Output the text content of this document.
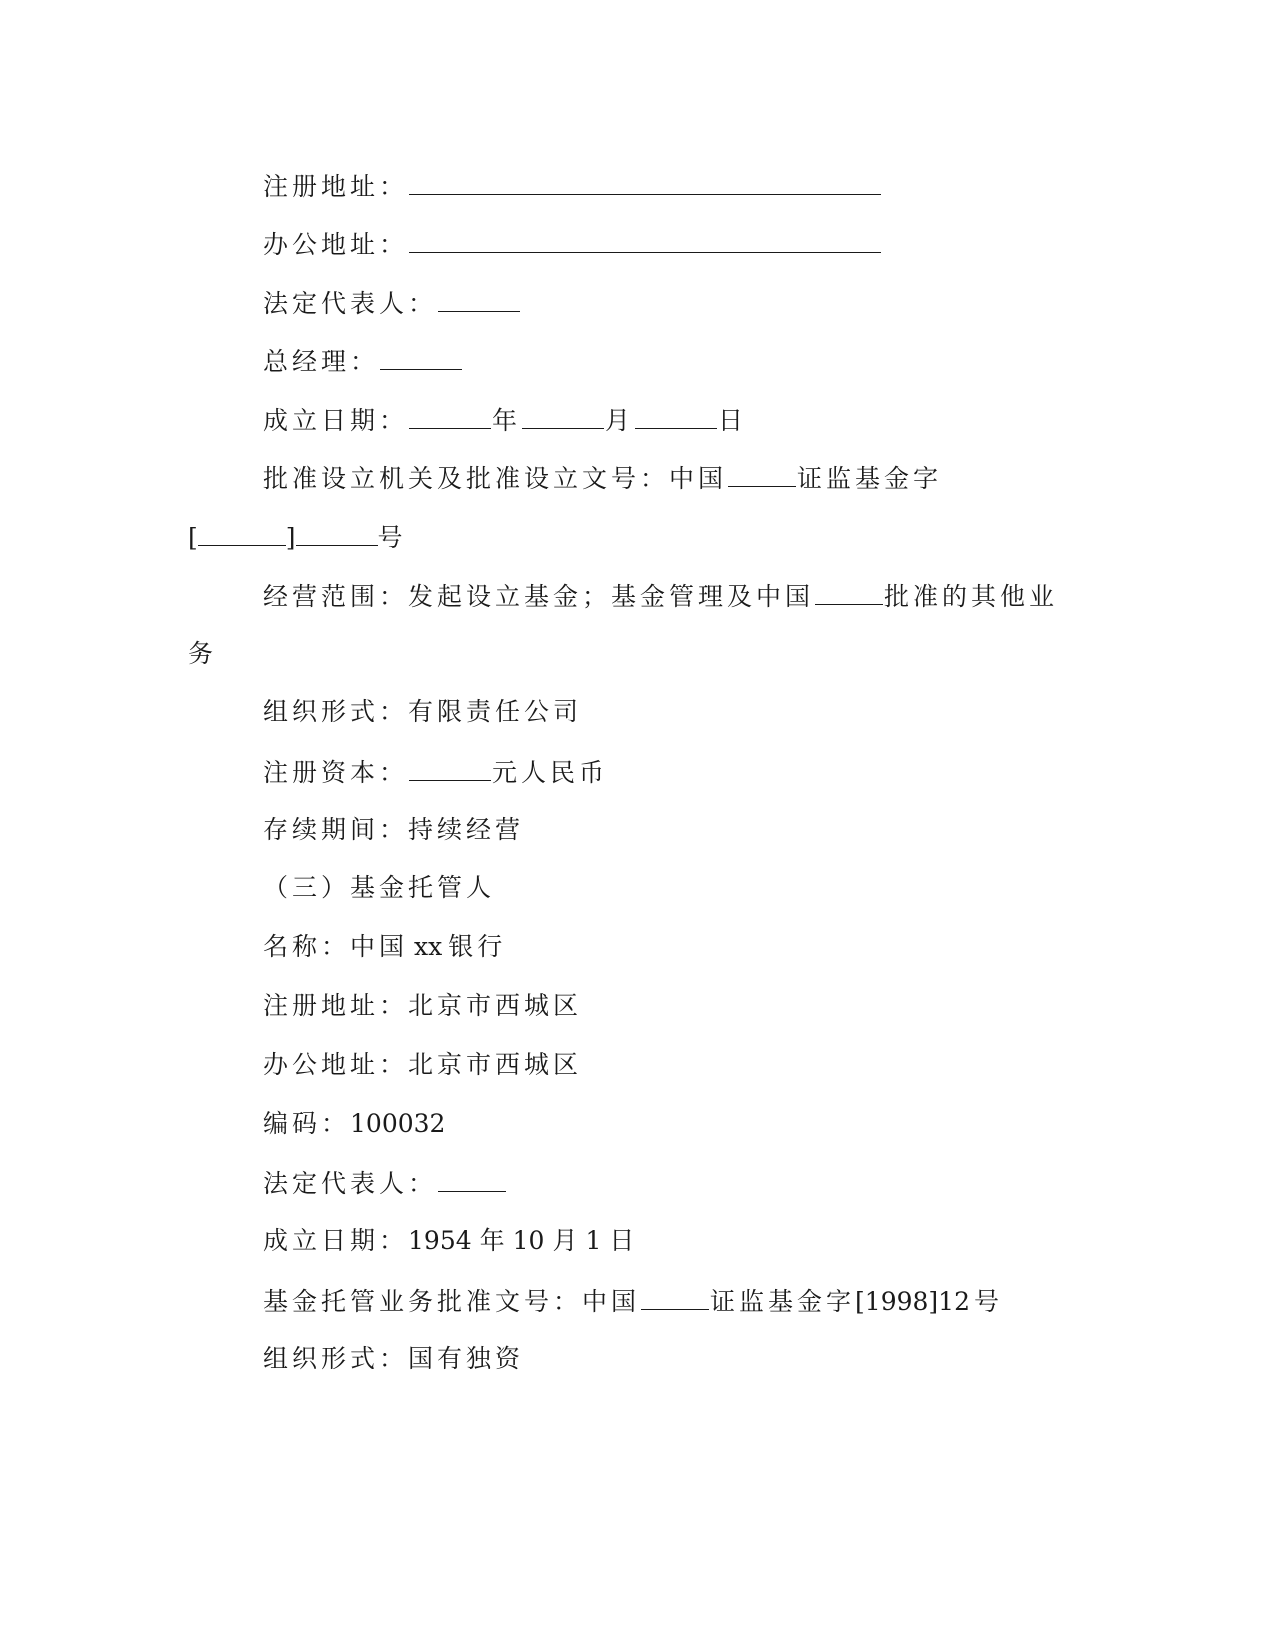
注册地址：
办公地址：
法定代表人：
总经理：
成立日期：	年	月	日
批准设立机关及批准设立文号：中国	证监基金字
[	]	号
经营范围：发起设立基金；基金管理及中国	批准的其他业
务
组织形式：有限责任公司
注册资本：	元人民币
存续期间：持续经营
（三）基金托管人
名称：中国 xx 银行
注册地址：北京市西城区
办公地址：北京市西城区
编码：100032
法定代表人：
成立日期：1954 年 10 月 1 日
基金托管业务批准文号：中国	证监基金字[1998]12 号
组织形式：国有独资
